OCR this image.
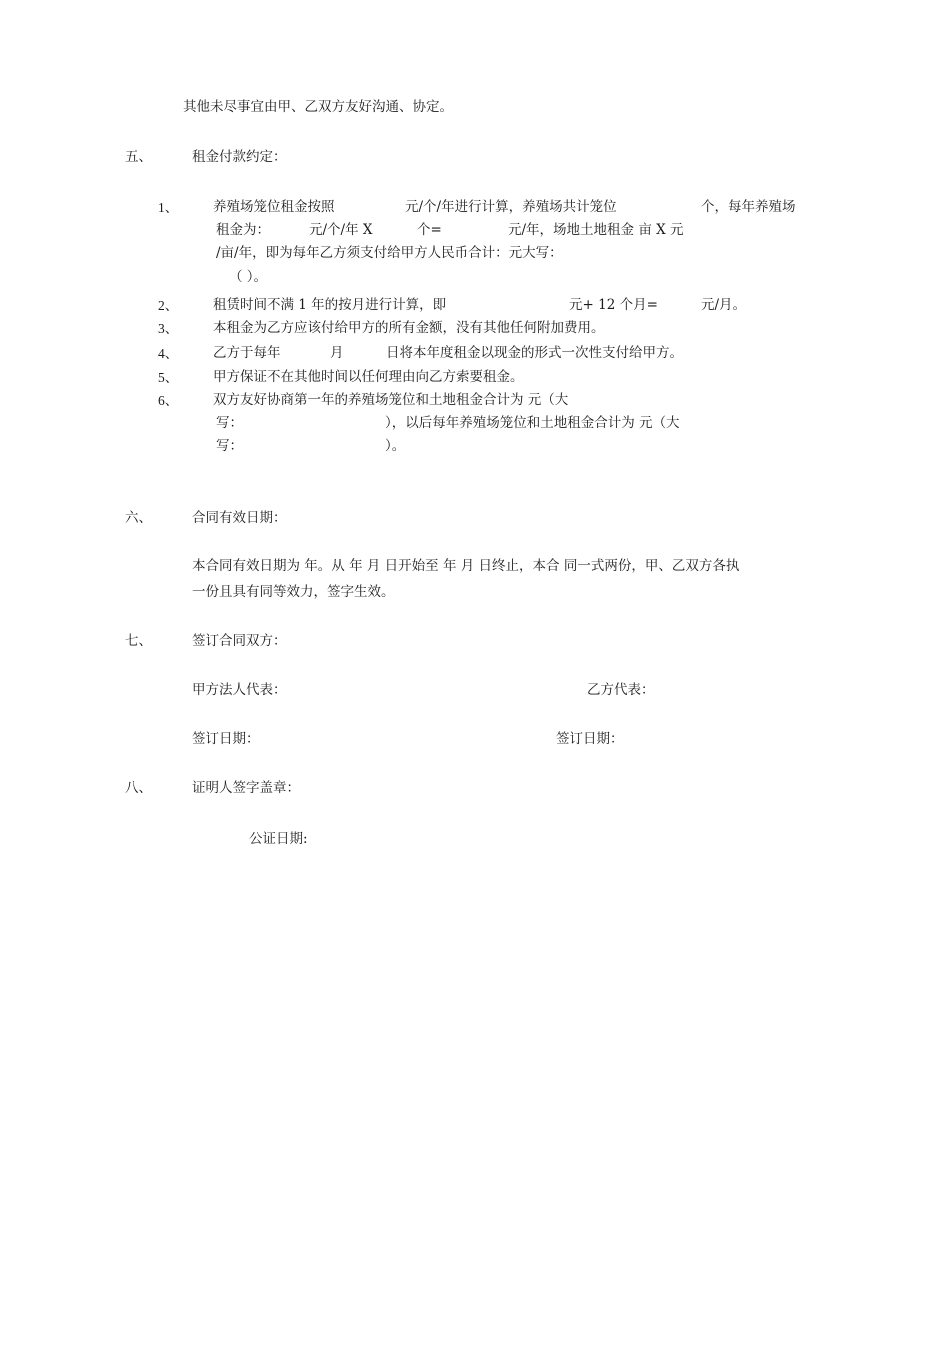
其他未尽事宜由甲、乙双方友好沟通、协定。
五、	租金付款约定：
1、	养殖场笼位租金按照	元/个/年进行计算，养殖场共计笼位	个，每年养殖场
租金为：	元/个/年 X	个=	元/年，场地土地租金 亩 X 元
/亩/年，即为每年乙方须支付给甲方人民币合计：元大写：
（ ）。
2、	租赁时间不满 1 年的按月进行计算，即	元+ 12 个月=	元/月。
3、	本租金为乙方应该付给甲方的所有金额，没有其他任何附加费用。
4、	乙方于每年	月	日将本年度租金以现金的形式一次性支付给甲方。
5、	甲方保证不在其他时间以任何理由向乙方索要租金。
6、	双方友好协商第一年的养殖场笼位和土地租金合计为 元（大
写：	），以后每年养殖场笼位和土地租金合计为 元（大
写：	）。
六、	合同有效日期：
本合同有效日期为 年。从 年 月 日开始至 年 月 日终止，本合 同一式两份，甲、乙双方各执
一份且具有同等效力，签字生效。
七、	签订合同双方：
甲方法人代表：	乙方代表：
签订日期：	签订日期：
八、	证明人签字盖章：
公证日期:
